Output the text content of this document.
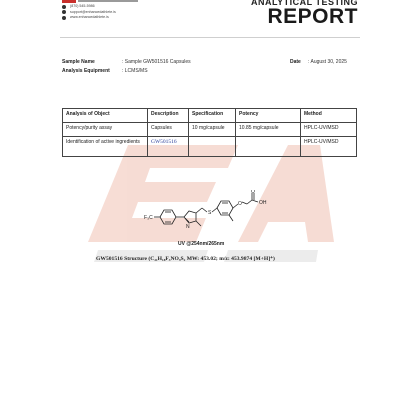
(870) 545-5986
support@enhancedathlete.is
www.enhancedathlete.is
ANALYTICAL TESTING
REPORT
Sample Name	: Sample GW501516 Capsules
Analysis Equipment : LCMS/MS
Date : August 30, 2025
Analysis of Object	Description	Specification	Potency	Method
Potency/purity assay	Capsules	10 mg/capsule	10.85 mg/capsule	HPLC-UV/MSD
Identification of active ingredients	GW501516			HPLC-UV/MSD
F₃C
S
N
O
O
OH
UV @254nm/265nm
GW501516 Structure (C₂₁H₁₈F₃NO₃S₂ MW: 453.02; m/z: 453.9874 [M+H]⁺)
